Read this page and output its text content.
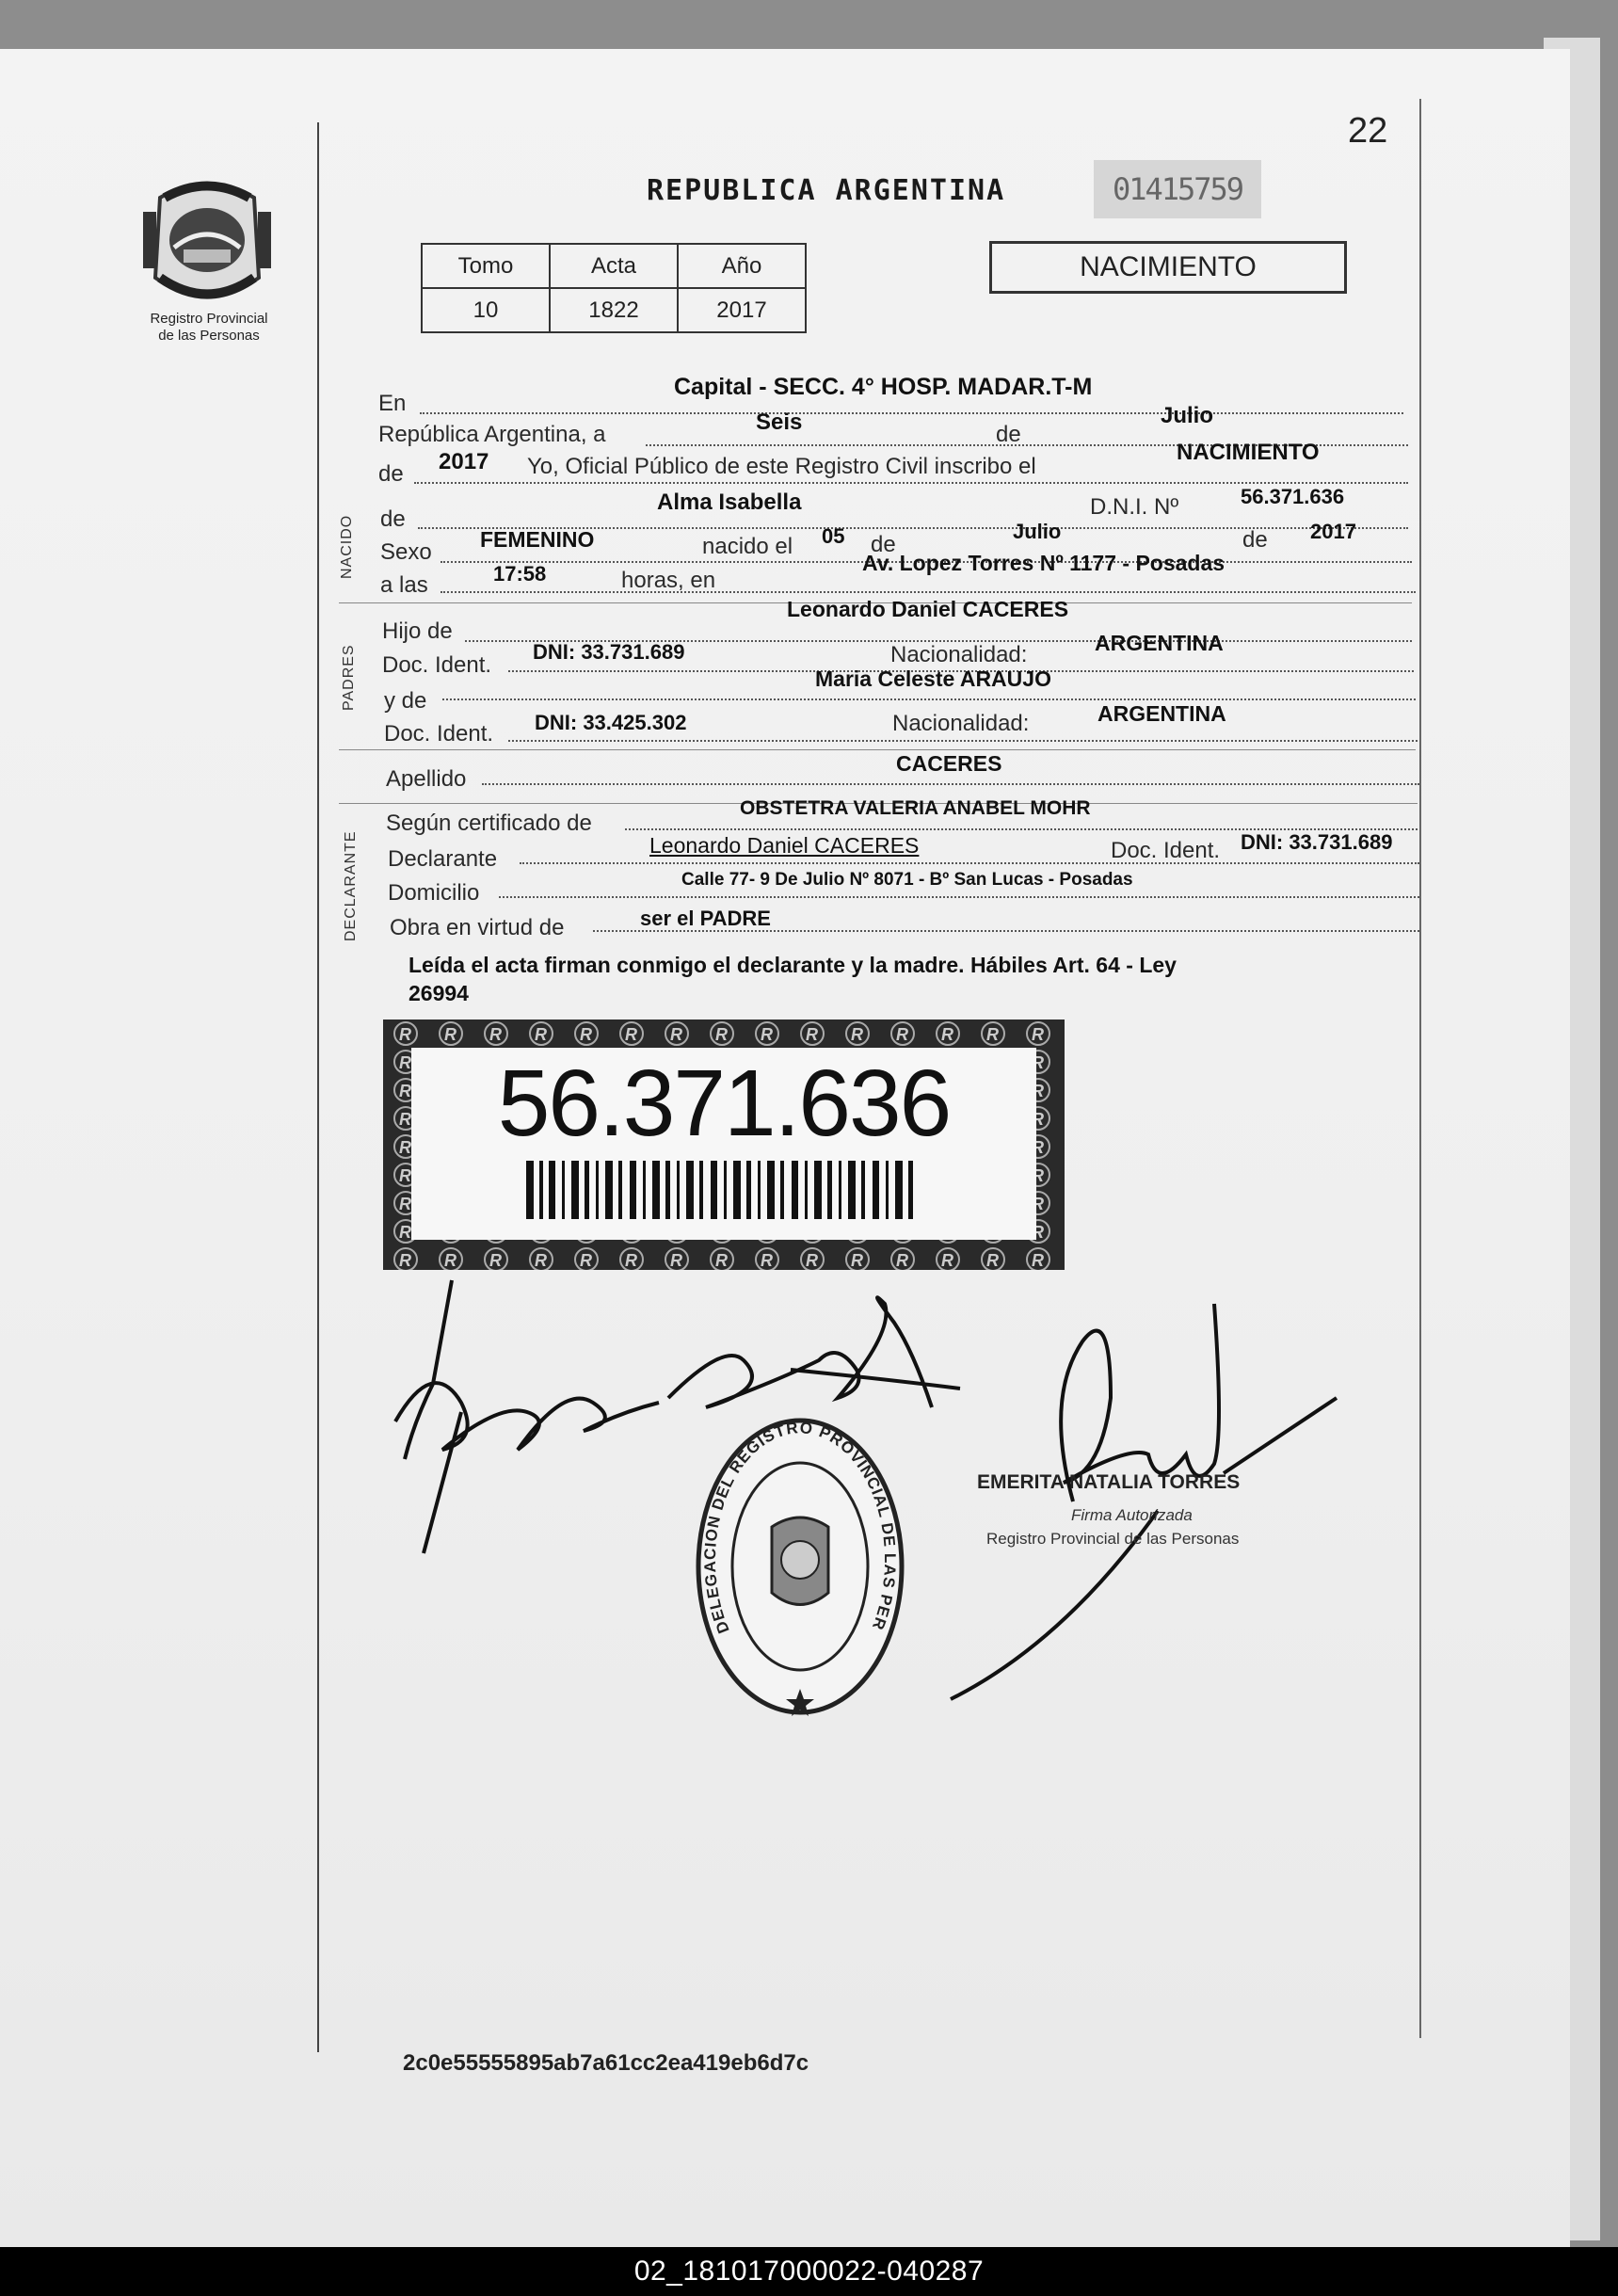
22
Registro Provincial
de las Personas
REPUBLICA ARGENTINA	01415759
NACIMIENTO
Tomo	Acta	Año
10	1822	2017
En
Capital - SECC. 4° HOSP. MADAR.T-M
República Argentina, a	Seis	de
Julio
de 2017 Yo, Oficial Público de este Registro Civil inscribo el
NACIMIENTO
NACIDO de
Alma Isabella	D.N.I. Nº	56.371.636
Sexo FEMENINO	nacido el 05 de
Julio	de 2017
a las	17:58	horas, en
Av. Lopez Torres Nº 1177 - Posadas
PADRES
Hijo de
Leonardo Daniel CACERES
Doc. Ident.
DNI: 33.731.689	Nacionalidad:	ARGENTINA
y de
Maria Celeste ARAUJO
Doc. Ident. DNI: 33.425.302	Nacionalidad:	ARGENTINA
Apellido
CACERES
DECLARANTE
Según certificado de
OBSTETRA VALERIA ANABEL MOHR
Declarante
Leonardo Daniel CACERES	Doc. Ident. DNI: 33.731.689
Domicilio
Calle 77- 9 De Julio Nº 8071 - Bº San Lucas - Posadas
Obra en virtud de	ser el PADRE
Leída el acta firman conmigo el declarante y la madre. Hábiles Art. 64 - Ley
26994
56.371.636
EMERITA NATALIA TORRES
Firma Autorizada
Registro Provincial de las Personas
DELEGACION DEL REGISTRO PROVINCIAL DE LAS PER
2c0e55555895ab7a61cc2ea419eb6d7c
02_181017000022-040287
